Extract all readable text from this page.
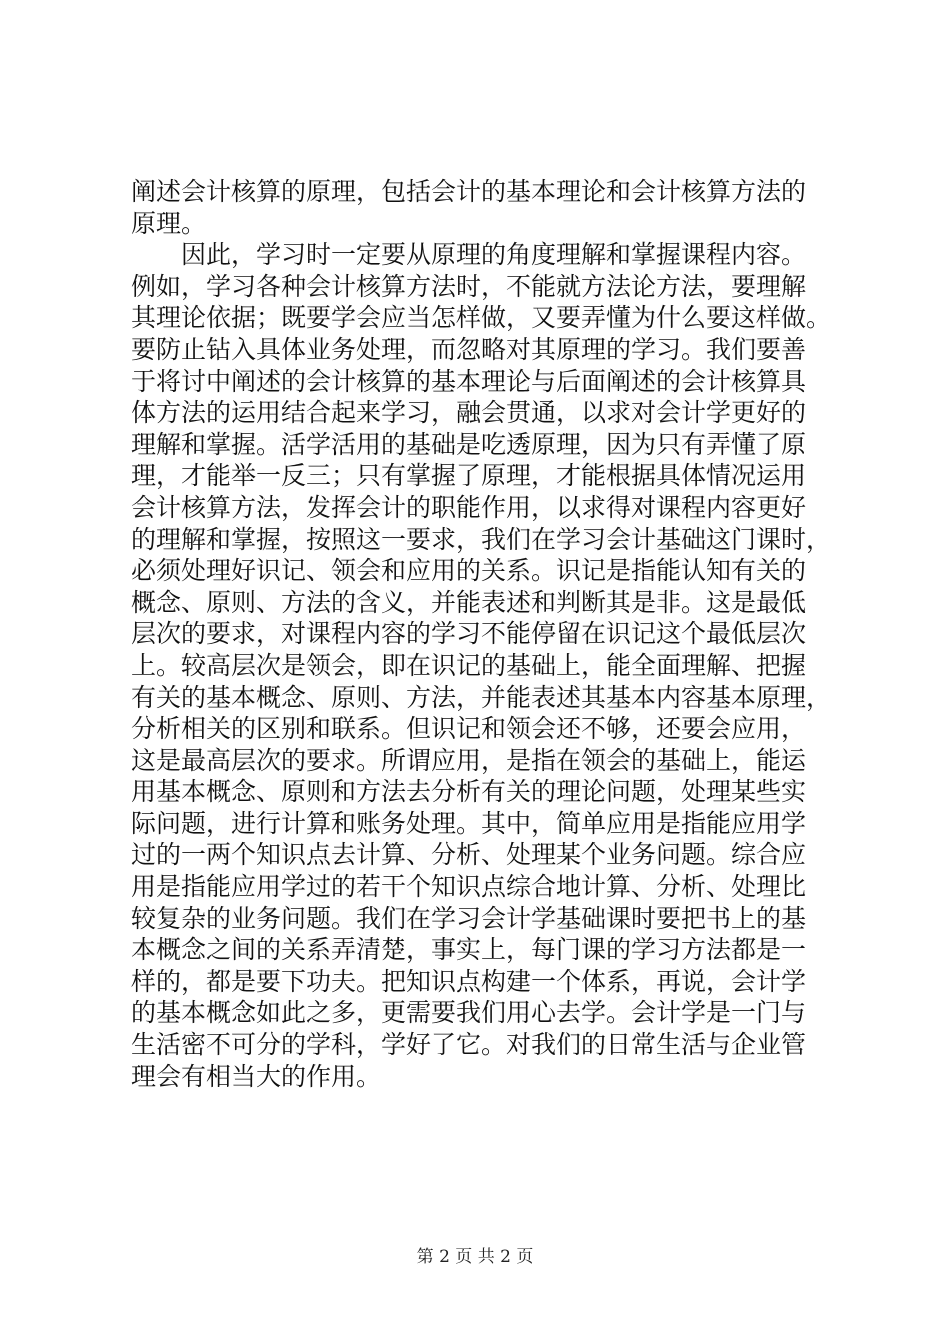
阐述会计核算的原理，包括会计的基本理论和会计核算方法的
原理。
　　因此，学习时一定要从原理的角度理解和掌握课程内容。
例如，学习各种会计核算方法时，不能就方法论方法，要理解
其理论依据；既要学会应当怎样做，又要弄懂为什么要这样做。
要防止钻入具体业务处理，而忽略对其原理的学习。我们要善
于将讨中阐述的会计核算的基本理论与后面阐述的会计核算具
体方法的运用结合起来学习，融会贯通，以求对会计学更好的
理解和掌握。活学活用的基础是吃透原理，因为只有弄懂了原
理，才能举一反三；只有掌握了原理，才能根据具体情况运用
会计核算方法，发挥会计的职能作用，以求得对课程内容更好
的理解和掌握，按照这一要求，我们在学习会计基础这门课时，
必须处理好识记、领会和应用的关系。识记是指能认知有关的
概念、原则、方法的含义，并能表述和判断其是非。这是最低
层次的要求，对课程内容的学习不能停留在识记这个最低层次
上。较高层次是领会，即在识记的基础上，能全面理解、把握
有关的基本概念、原则、方法，并能表述其基本内容基本原理，
分析相关的区别和联系。但识记和领会还不够，还要会应用，
这是最高层次的要求。所谓应用，是指在领会的基础上，能运
用基本概念、原则和方法去分析有关的理论问题，处理某些实
际问题，进行计算和账务处理。其中，简单应用是指能应用学
过的一两个知识点去计算、分析、处理某个业务问题。综合应
用是指能应用学过的若干个知识点综合地计算、分析、处理比
较复杂的业务问题。我们在学习会计学基础课时要把书上的基
本概念之间的关系弄清楚，事实上，每门课的学习方法都是一
样的，都是要下功夫。把知识点构建一个体系，再说，会计学
的基本概念如此之多，更需要我们用心去学。会计学是一门与
生活密不可分的学科，学好了它。对我们的日常生活与企业管
理会有相当大的作用。
第 2 页 共 2 页
